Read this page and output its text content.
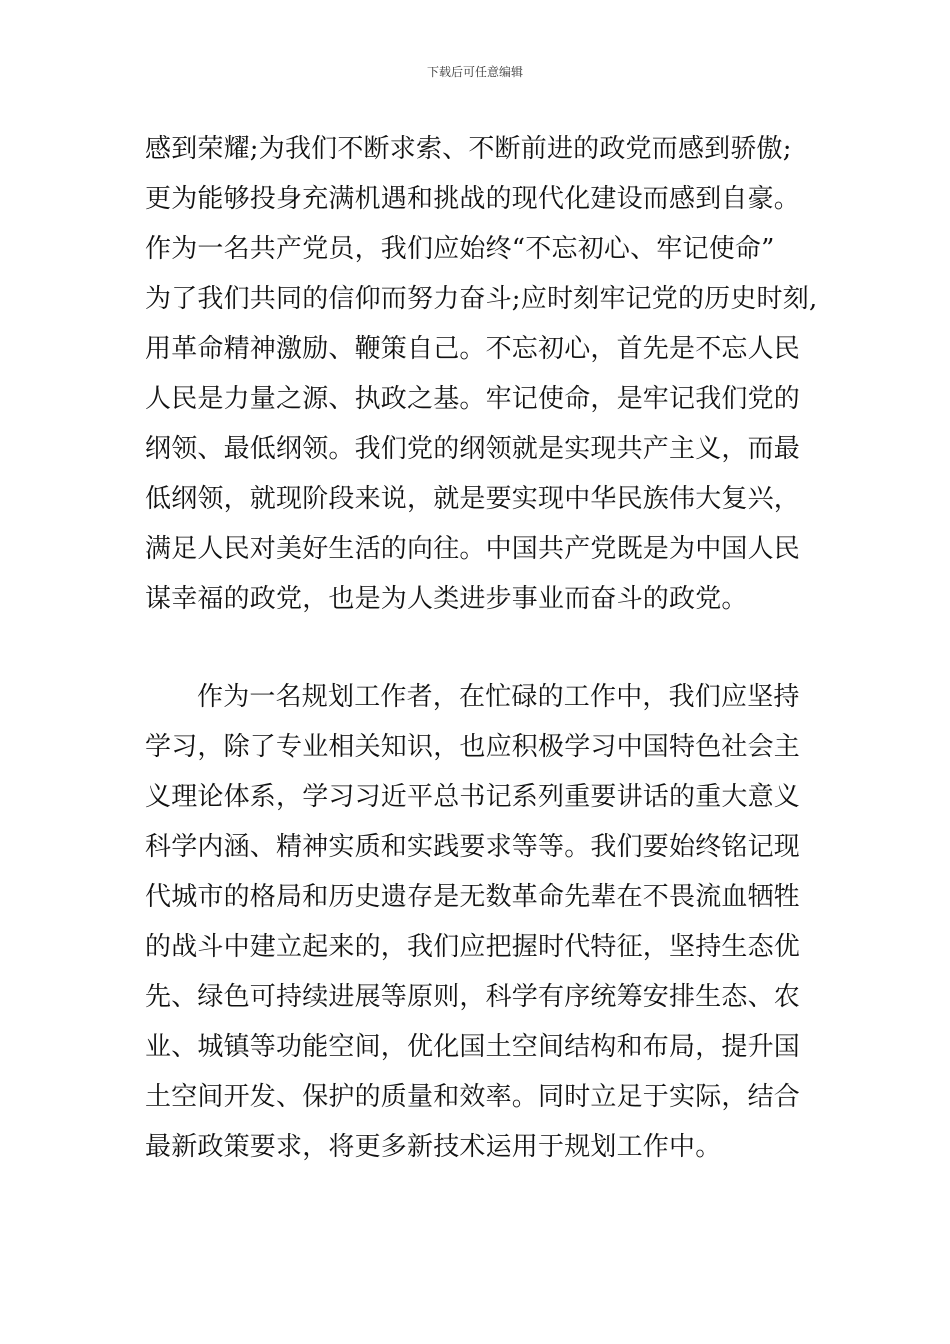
下载后可任意编辑
感到荣耀;为我们不断求索、不断前进的政党而感到骄傲;
更为能够投身充满机遇和挑战的现代化建设而感到自豪。
作为一名共产党员，我们应始终“不忘初心、牢记使命”
为了我们共同的信仰而努力奋斗;应时刻牢记党的历史时刻,
用革命精神激励、鞭策自己。不忘初心，首先是不忘人民
人民是力量之源、执政之基。牢记使命，是牢记我们党的
纲领、最低纲领。我们党的纲领就是实现共产主义，而最
低纲领，就现阶段来说，就是要实现中华民族伟大复兴，
满足人民对美好生活的向往。中国共产党既是为中国人民
谋幸福的政党，也是为人类进步事业而奋斗的政党。
作为一名规划工作者，在忙碌的工作中，我们应坚持
学习，除了专业相关知识，也应积极学习中国特色社会主
义理论体系，学习习近平总书记系列重要讲话的重大意义
科学内涵、精神实质和实践要求等等。我们要始终铭记现
代城市的格局和历史遗存是无数革命先辈在不畏流血牺牲
的战斗中建立起来的，我们应把握时代特征，坚持生态优
先、绿色可持续进展等原则，科学有序统筹安排生态、农
业、城镇等功能空间，优化国土空间结构和布局，提升国
土空间开发、保护的质量和效率。同时立足于实际，结合
最新政策要求，将更多新技术运用于规划工作中。
